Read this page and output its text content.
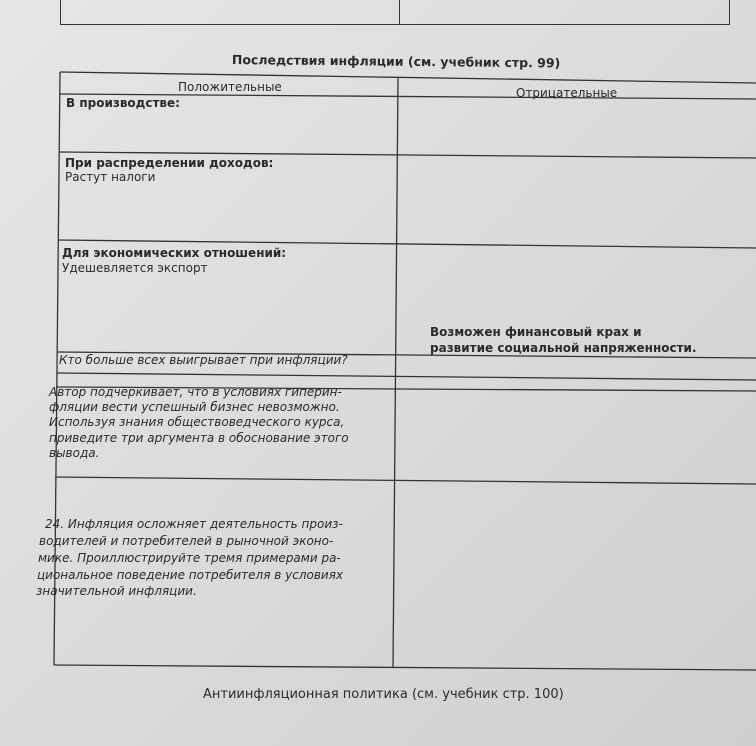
Последствия инфляции (см. учебник стр. 99)
Положительные	Отрицательные
В производстве:
При распределении доходов:
Растут налоги
Для экономических отношений:
Удешевляется экспорт
Возможен финансовый крах и
развитие социальной напряженности.
Кто больше всех выигрывает при инфляции?
Автор подчеркивает, что в условиях гиперин-
фляции вести успешный бизнес невозможно.
Используя знания обществоведческого курса,
приведите три аргумента в обоснование этого
вывода.
24. Инфляция осложняет деятельность произ-
водителей и потребителей в рыночной эконо-
мике. Проиллюстрируйте тремя примерами ра-
циональное поведение потребителя в условиях
значительной инфляции.
Антиинфляционная политика (см. учебник стр. 100)
